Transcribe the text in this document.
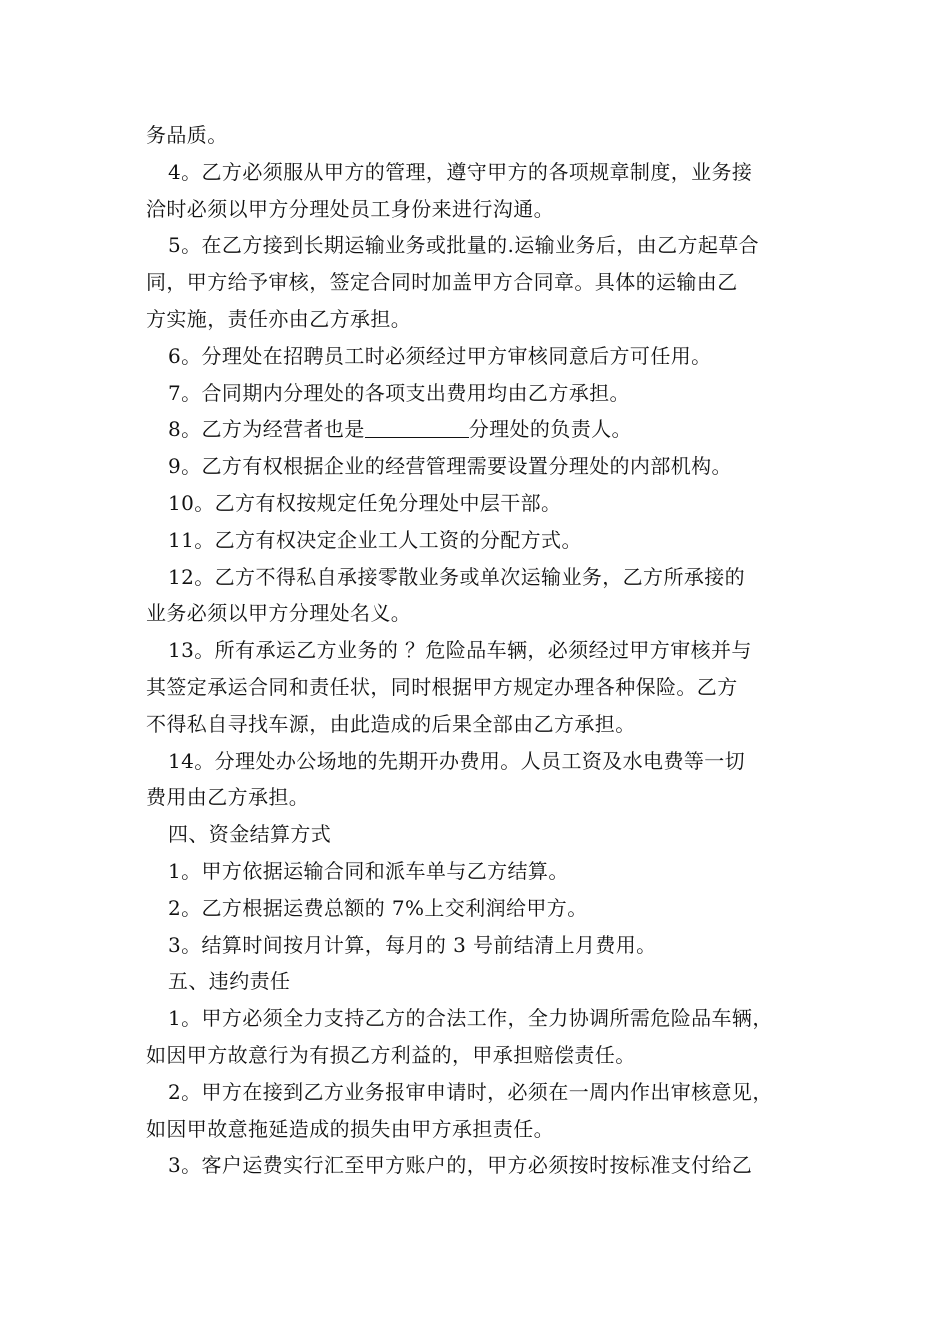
务品质。
4。乙方必须服从甲方的管理，遵守甲方的各项规章制度，业务接
洽时必须以甲方分理处员工身份来进行沟通。
5。在乙方接到长期运输业务或批量的.运输业务后，由乙方起草合
同，甲方给予审核，签定合同时加盖甲方合同章。具体的运输由乙
方实施，责任亦由乙方承担。
6。分理处在招聘员工时必须经过甲方审核同意后方可任用。
7。合同期内分理处的各项支出费用均由乙方承担。
8。乙方为经营者也是	分理处的负责人。
9。乙方有权根据企业的经营管理需要设置分理处的内部机构。
10。乙方有权按规定任免分理处中层干部。
11。乙方有权决定企业工人工资的分配方式。
12。乙方不得私自承接零散业务或单次运输业务，乙方所承接的
业务必须以甲方分理处名义。
13。所有承运乙方业务的 ？危险品车辆，必须经过甲方审核并与
其签定承运合同和责任状，同时根据甲方规定办理各种保险。乙方
不得私自寻找车源，由此造成的后果全部由乙方承担。
14。分理处办公场地的先期开办费用。人员工资及水电费等一切
费用由乙方承担。
四、资金结算方式
1。甲方依据运输合同和派车单与乙方结算。
2。乙方根据运费总额的 7%上交利润给甲方。
3。结算时间按月计算，每月的 3 号前结清上月费用。
五、违约责任
1。甲方必须全力支持乙方的合法工作，全力协调所需危险品车辆，
如因甲方故意行为有损乙方利益的，甲承担赔偿责任。
2。甲方在接到乙方业务报审申请时，必须在一周内作出审核意见，
如因甲故意拖延造成的损失由甲方承担责任。
3。客户运费实行汇至甲方账户的，甲方必须按时按标准支付给乙
